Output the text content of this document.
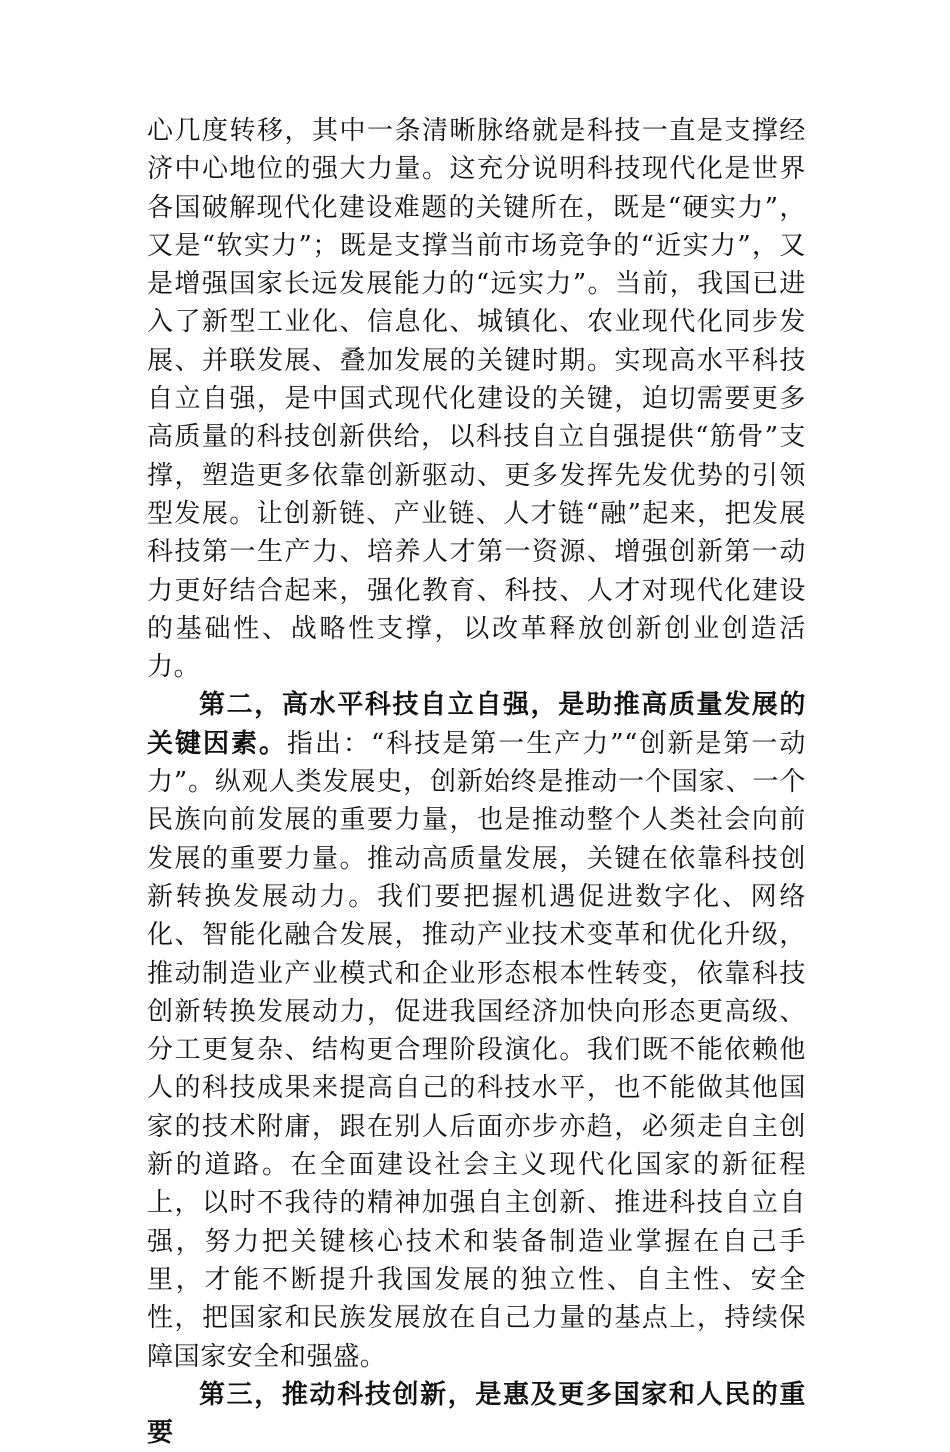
心几度转移，其中一条清晰脉络就是科技一直是支撑经济中心地位的强大力量。这充分说明科技现代化是世界各国破解现代化建设难题的关键所在，既是“硬实力”，又是“软实力”；既是支撑当前市场竞争的“近实力”，又是增强国家长远发展能力的“远实力”。当前，我国已进入了新型工业化、信息化、城镇化、农业现代化同步发展、并联发展、叠加发展的关键时期。实现高水平科技自立自强，是中国式现代化建设的关键，迫切需要更多高质量的科技创新供给，以科技自立自强提供“筋骨”支撑，塑造更多依靠创新驱动、更多发挥先发优势的引领型发展。让创新链、产业链、人才链“融”起来，把发展科技第一生产力、培养人才第一资源、增强创新第一动力更好结合起来，强化教育、科技、人才对现代化建设的基础性、战略性支撑，以改革释放创新创业创造活力。

第二，高水平科技自立自强，是助推高质量发展的关键因素。指出：“科技是第一生产力”“创新是第一动力”。纵观人类发展史，创新始终是推动一个国家、一个民族向前发展的重要力量，也是推动整个人类社会向前发展的重要力量。推动高质量发展，关键在依靠科技创新转换发展动力。我们要把握机遇促进数字化、网络化、智能化融合发展，推动产业技术变革和优化升级，推动制造业产业模式和企业形态根本性转变，依靠科技创新转换发展动力，促进我国经济加快向形态更高级、分工更复杂、结构更合理阶段演化。我们既不能依赖他人的科技成果来提高自己的科技水平，也不能做其他国家的技术附庸，跟在别人后面亦步亦趋，必须走自主创新的道路。在全面建设社会主义现代化国家的新征程上，以时不我待的精神加强自主创新、推进科技自立自强，努力把关键核心技术和装备制造业掌握在自己手里，才能不断提升我国发展的独立性、自主性、安全性，把国家和民族发展放在自己力量的基点上，持续保障国家安全和强盛。

第三，推动科技创新，是惠及更多国家和人民的重要
